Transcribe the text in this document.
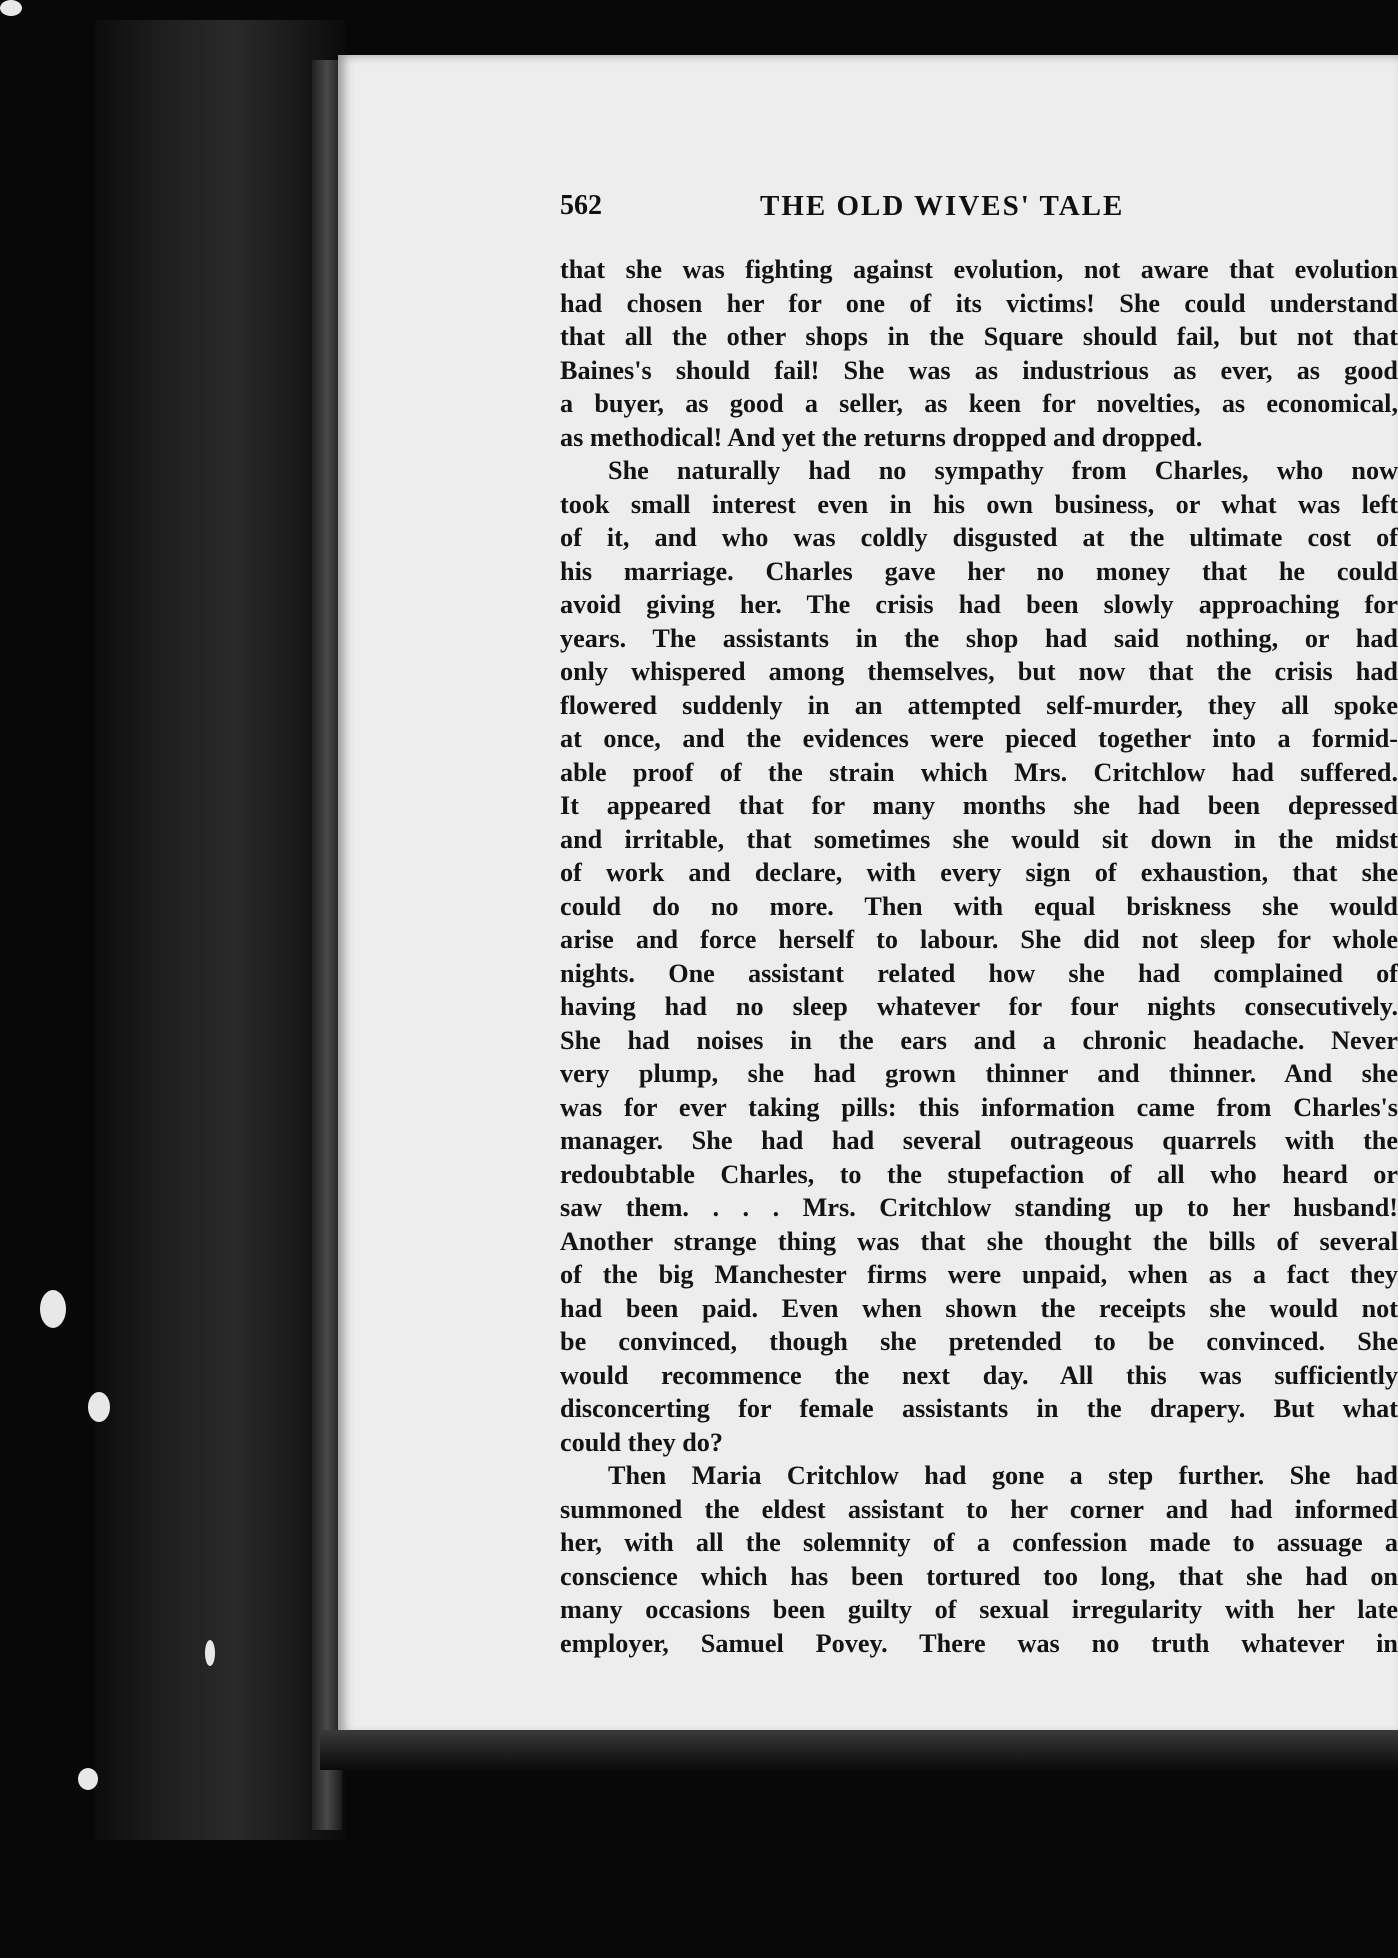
562	THE OLD WIVES' TALE
that she was fighting against evolution, not aware that evolution
had chosen her for one of its victims! She could understand
that all the other shops in the Square should fail, but not that
Baines's should fail! She was as industrious as ever, as good
a buyer, as good a seller, as keen for novelties, as economical,
as methodical! And yet the returns dropped and dropped.
She naturally had no sympathy from Charles, who now
took small interest even in his own business, or what was left
of it, and who was coldly disgusted at the ultimate cost of
his marriage. Charles gave her no money that he could
avoid giving her. The crisis had been slowly approaching for
years. The assistants in the shop had said nothing, or had
only whispered among themselves, but now that the crisis had
flowered suddenly in an attempted self-murder, they all spoke
at once, and the evidences were pieced together into a formid-
able proof of the strain which Mrs. Critchlow had suffered.
It appeared that for many months she had been depressed
and irritable, that sometimes she would sit down in the midst
of work and declare, with every sign of exhaustion, that she
could do no more. Then with equal briskness she would
arise and force herself to labour. She did not sleep for whole
nights. One assistant related how she had complained of
having had no sleep whatever for four nights consecutively.
She had noises in the ears and a chronic headache. Never
very plump, she had grown thinner and thinner. And she
was for ever taking pills: this information came from Charles's
manager. She had had several outrageous quarrels with the
redoubtable Charles, to the stupefaction of all who heard or
saw them. . . . Mrs. Critchlow standing up to her husband!
Another strange thing was that she thought the bills of several
of the big Manchester firms were unpaid, when as a fact they
had been paid. Even when shown the receipts she would not
be convinced, though she pretended to be convinced. She
would recommence the next day. All this was sufficiently
disconcerting for female assistants in the drapery. But what
could they do?
Then Maria Critchlow had gone a step further. She had
summoned the eldest assistant to her corner and had informed
her, with all the solemnity of a confession made to assuage a
conscience which has been tortured too long, that she had on
many occasions been guilty of sexual irregularity with her late
employer, Samuel Povey. There was no truth whatever in
